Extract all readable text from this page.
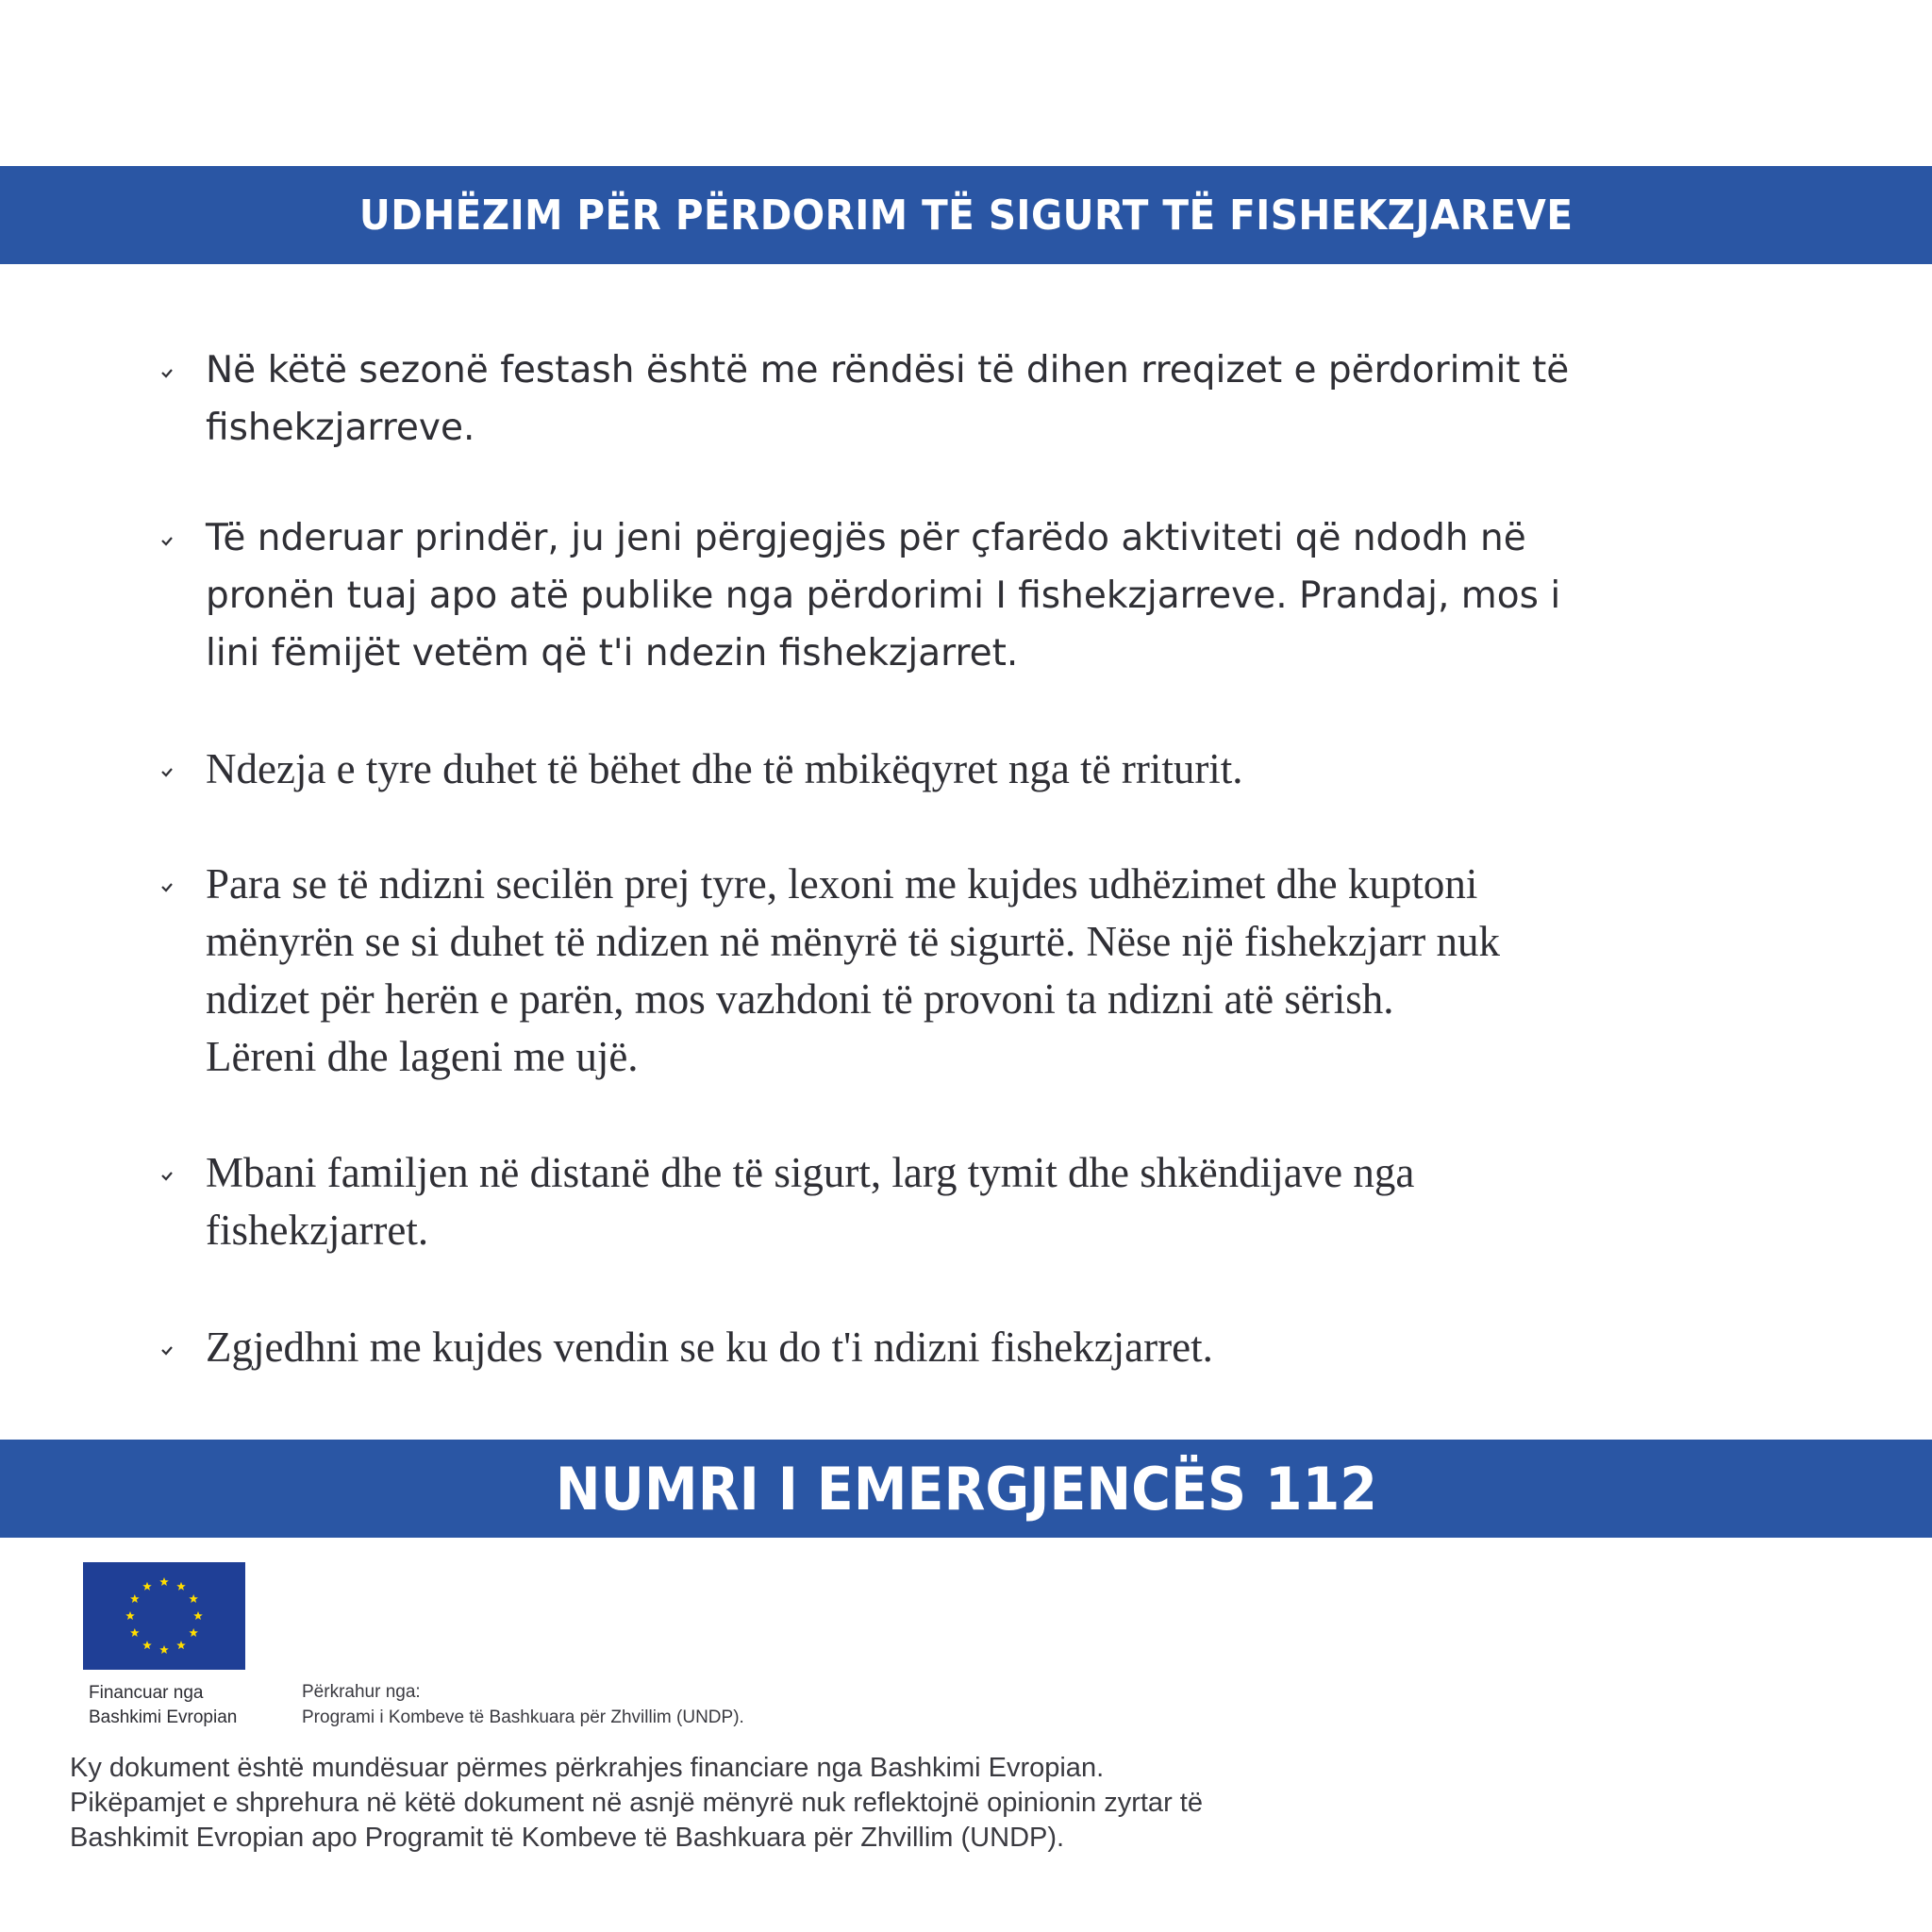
UDHËZIM PËR PËRDORIM TË SIGURT TË FISHEKZJAREVE
Në këtë sezonë festash është me rëndësi të dihen rreqizet e përdorimit të
fishekzjarreve.
Të nderuar prindër, ju jeni përgjegjës për çfarëdo aktiviteti që ndodh në
pronën tuaj apo atë publike nga përdorimi I fishekzjarreve. Prandaj, mos i
lini fëmijët vetëm që t'i ndezin fishekzjarret.
Ndezja e tyre duhet të bëhet dhe të mbikëqyret nga të rriturit.
Para se të ndizni secilën prej tyre, lexoni me kujdes udhëzimet dhe kuptoni
mënyrën se si duhet të ndizen në mënyrë të sigurtë. Nëse një fishekzjarr nuk
ndizet për herën e parën, mos vazhdoni të provoni ta ndizni atë sërish.
Lëreni dhe lageni me ujë.
Mbani familjen në distanë dhe të sigurt, larg tymit dhe shkëndijave nga
fishekzjarret.
Zgjedhni me kujdes vendin se ku do t'i ndizni fishekzjarret.
NUMRI I EMERGJENCËS 112
Financuar nga
Bashkimi Evropian
Përkrahur nga:
Programi i Kombeve të Bashkuara për Zhvillim (UNDP).
Ky dokument është mundësuar përmes përkrahjes financiare nga Bashkimi Evropian.
Pikëpamjet e shprehura në këtë dokument në asnjë mënyrë nuk reflektojnë opinionin zyrtar të
Bashkimit Evropian apo Programit të Kombeve të Bashkuara për Zhvillim (UNDP).
